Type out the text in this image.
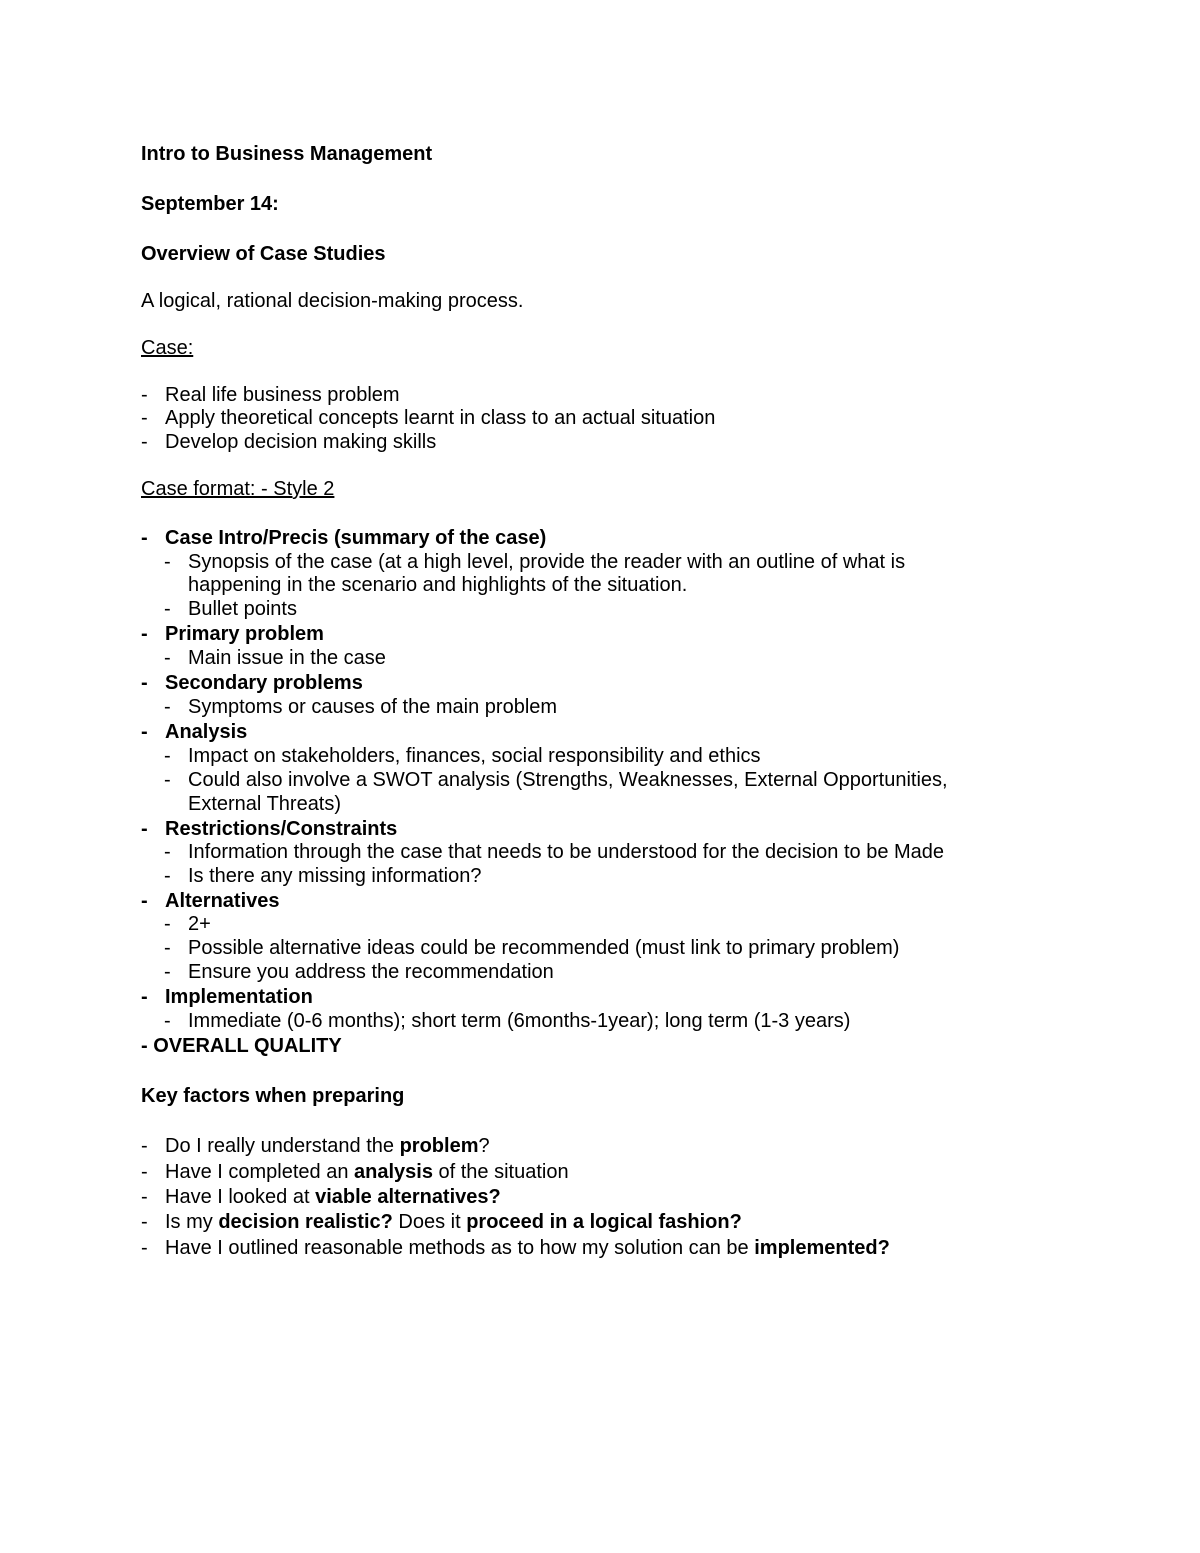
Intro to Business Management
September 14:
Overview of Case Studies
A logical, rational decision-making process.
Case:
- Real life business problem
- Apply theoretical concepts learnt in class to an actual situation
- Develop decision making skills
Case format: - Style 2
- Case Intro/Precis (summary of the case)
- Synopsis of the case (at a high level, provide the reader with an outline of what is
happening in the scenario and highlights of the situation.
- Bullet points
- Primary problem
- Main issue in the case
- Secondary problems
- Symptoms or causes of the main problem
- Analysis
- Impact on stakeholders, finances, social responsibility and ethics
- Could also involve a SWOT analysis (Strengths, Weaknesses, External Opportunities,
External Threats)
- Restrictions/Constraints
- Information through the case that needs to be understood for the decision to be Made
- Is there any missing information?
- Alternatives
- 2+
- Possible alternative ideas could be recommended (must link to primary problem)
- Ensure you address the recommendation
- Implementation
- Immediate (0-6 months); short term (6months-1year); long term (1-3 years)
- OVERALL QUALITY
Key factors when preparing
- Do I really understand the problem?
- Have I completed an analysis of the situation
- Have I looked at viable alternatives?
- Is my decision realistic? Does it proceed in a logical fashion?
- Have I outlined reasonable methods as to how my solution can be implemented?
